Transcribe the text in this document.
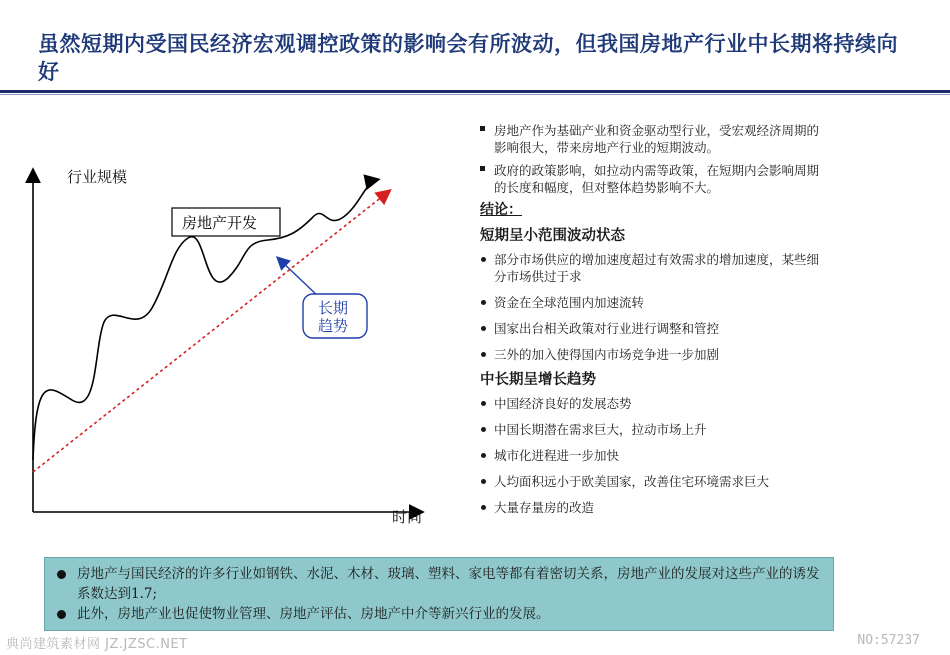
虽然短期内受国民经济宏观调控政策的影响会有所波动，但我国房地产行业中长期将持续向好
行业规模
时间
房地产开发
长期
趋势
房地产作为基础产业和资金驱动型行业，受宏观经济周期的影响很大，带来房地产行业的短期波动。
政府的政策影响，如拉动内需等政策，在短期内会影响周期的长度和幅度，但对整体趋势影响不大。
结论：
短期呈小范围波动状态
部分市场供应的增加速度超过有效需求的增加速度，某些细分市场供过于求
资金在全球范围内加速流转
国家出台相关政策对行业进行调整和管控
三外的加入使得国内市场竞争进一步加剧
中长期呈增长趋势
中国经济良好的发展态势
中国长期潜在需求巨大，拉动市场上升
城市化进程进一步加快
人均面积远小于欧美国家，改善住宅环境需求巨大
大量存量房的改造
房地产与国民经济的许多行业如钢铁、水泥、木材、玻璃、塑料、家电等都有着密切关系，房地产业的发展对这些产业的诱发系数达到1.7;
此外，房地产业也促使物业管理、房地产评估、房地产中介等新兴行业的发展。
典尚建筑素材网 JZ.JZSC.NET	NO:57237
